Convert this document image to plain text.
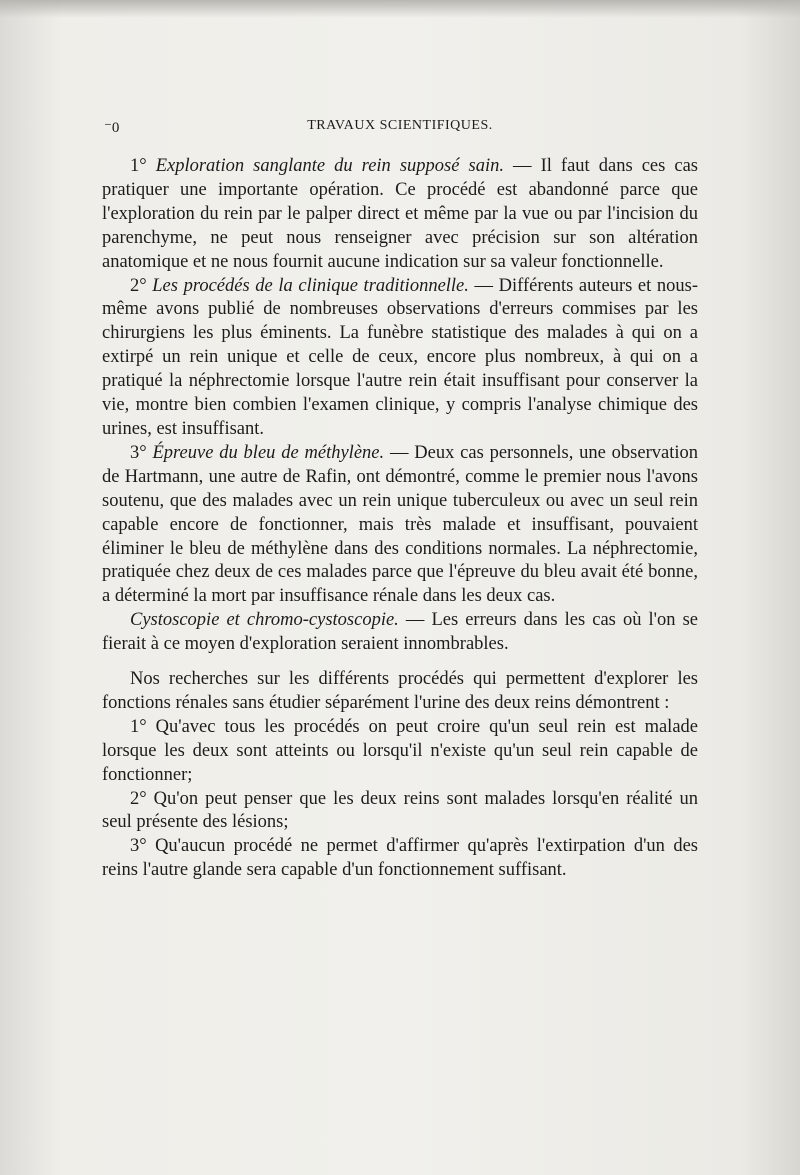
⁻0	TRAVAUX SCIENTIFIQUES.

1° Exploration sanglante du rein supposé sain. — Il faut dans ces cas pratiquer une importante opération. Ce procédé est abandonné parce que l'exploration du rein par le palper direct et même par la vue ou par l'incision du parenchyme, ne peut nous renseigner avec précision sur son altération anatomique et ne nous fournit aucune indication sur sa valeur fonctionnelle.

2° Les procédés de la clinique traditionnelle. — Différents auteurs et nous-même avons publié de nombreuses observations d'erreurs commises par les chirurgiens les plus éminents. La funèbre statistique des malades à qui on a extirpé un rein unique et celle de ceux, encore plus nombreux, à qui on a pratiqué la néphrectomie lorsque l'autre rein était insuffisant pour conserver la vie, montre bien combien l'examen clinique, y compris l'analyse chimique des urines, est insuffisant.

3° Épreuve du bleu de méthylène. — Deux cas personnels, une observation de Hartmann, une autre de Rafin, ont démontré, comme le premier nous l'avons soutenu, que des malades avec un rein unique tuberculeux ou avec un seul rein capable encore de fonctionner, mais très malade et insuffisant, pouvaient éliminer le bleu de méthylène dans des conditions normales. La néphrectomie, pratiquée chez deux de ces malades parce que l'épreuve du bleu avait été bonne, a déterminé la mort par insuffisance rénale dans les deux cas.

Cystoscopie et chromo-cystoscopie. — Les erreurs dans les cas où l'on se fierait à ce moyen d'exploration seraient innombrables.

Nos recherches sur les différents procédés qui permettent d'explorer les fonctions rénales sans étudier séparément l'urine des deux reins démontrent :

1° Qu'avec tous les procédés on peut croire qu'un seul rein est malade lorsque les deux sont atteints ou lorsqu'il n'existe qu'un seul rein capable de fonctionner;

2° Qu'on peut penser que les deux reins sont malades lorsqu'en réalité un seul présente des lésions;

3° Qu'aucun procédé ne permet d'affirmer qu'après l'extirpation d'un des reins l'autre glande sera capable d'un fonctionnement suffisant.
